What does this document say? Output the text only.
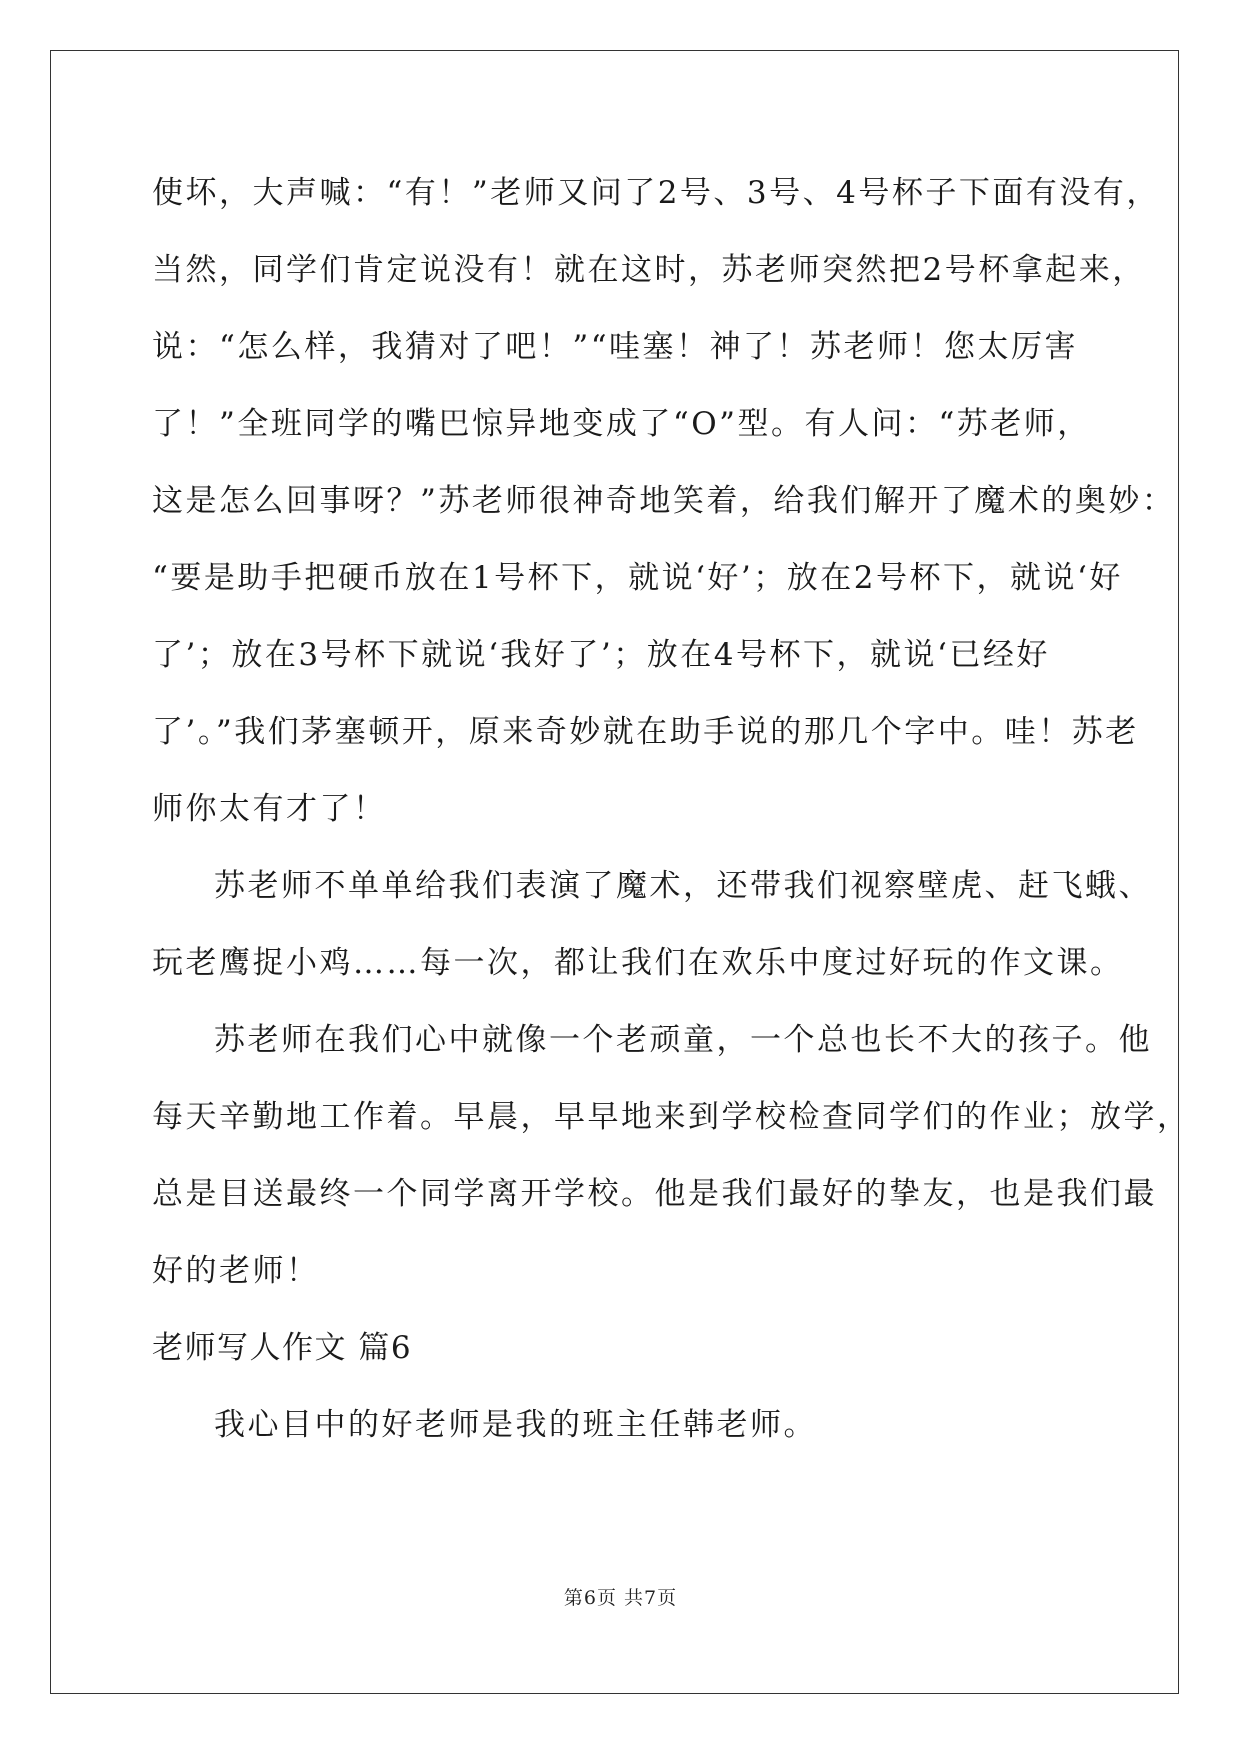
使坏，大声喊：“有！”老师又问了2号、3号、4号杯子下面有没有，
当然，同学们肯定说没有！就在这时，苏老师突然把2号杯拿起来，
说：“怎么样，我猜对了吧！”“哇塞！神了！苏老师！您太厉害
了！”全班同学的嘴巴惊异地变成了“O”型。有人问：“苏老师，
这是怎么回事呀？”苏老师很神奇地笑着，给我们解开了魔术的奥妙：
“要是助手把硬币放在1号杯下，就说‘好’；放在2号杯下，就说‘好
了’；放在3号杯下就说‘我好了’；放在4号杯下，就说‘已经好
了’。”我们茅塞顿开，原来奇妙就在助手说的那几个字中。哇！苏老
师你太有才了！
苏老师不单单给我们表演了魔术，还带我们视察壁虎、赶飞蛾、
玩老鹰捉小鸡……每一次，都让我们在欢乐中度过好玩的作文课。
苏老师在我们心中就像一个老顽童，一个总也长不大的孩子。他
每天辛勤地工作着。早晨，早早地来到学校检查同学们的作业；放学，
总是目送最终一个同学离开学校。他是我们最好的挚友，也是我们最
好的老师！
老师写人作文 篇6
我心目中的好老师是我的班主任韩老师。
第6页 共7页
